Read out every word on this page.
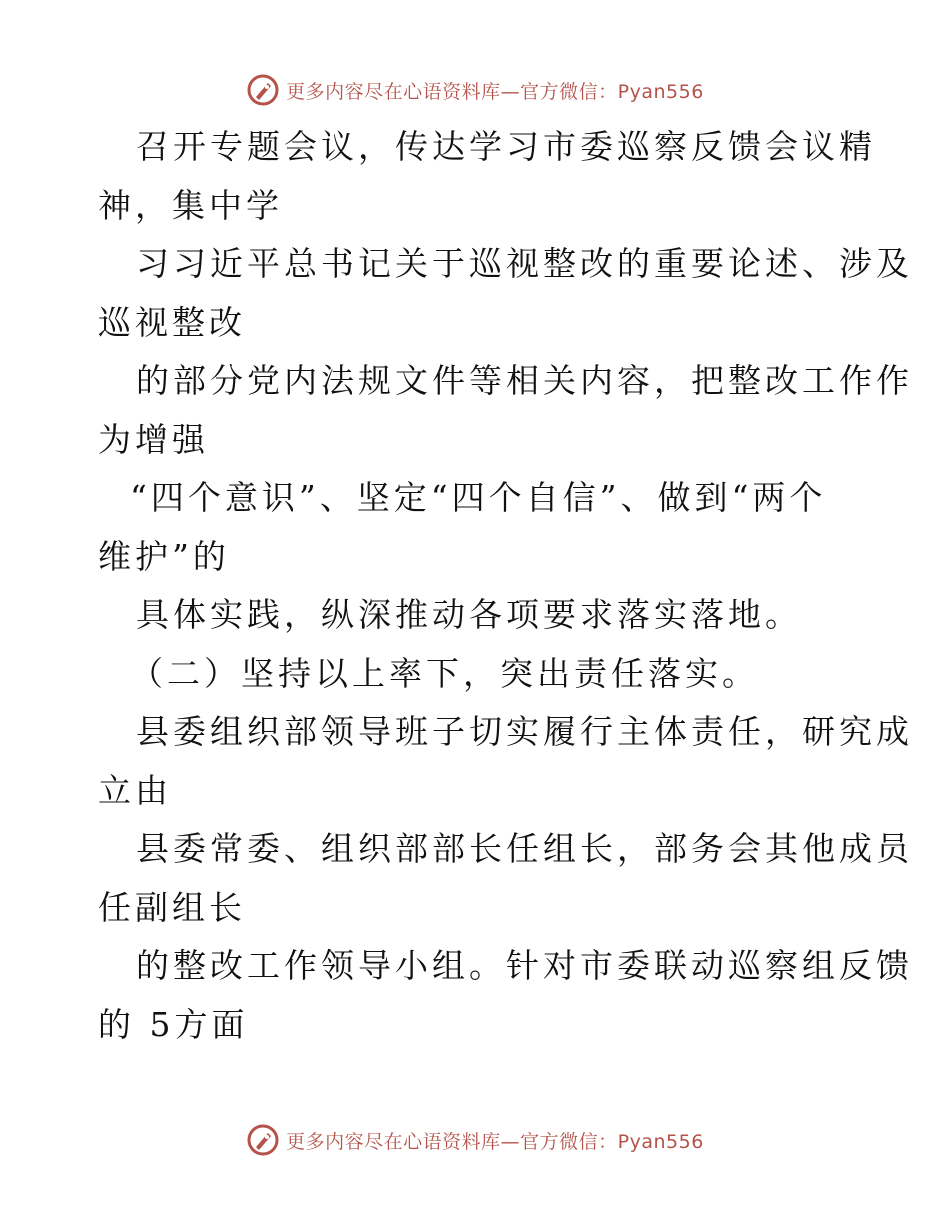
更多内容尽在心语资料库—官方微信：Pyan556
召开专题会议，传达学习市委巡察反馈会议精
神，集中学
习习近平总书记关于巡视整改的重要论述、涉及
巡视整改
的部分党内法规文件等相关内容，把整改工作作
为增强
“四个意识”、坚定“四个自信”、做到“两个
维护”的
具体实践，纵深推动各项要求落实落地。
（二）坚持以上率下，突出责任落实。
县委组织部领导班子切实履行主体责任，研究成
立由
县委常委、组织部部长任组长，部务会其他成员
任副组长
的整改工作领导小组。针对市委联动巡察组反馈
的 5方面
更多内容尽在心语资料库—官方微信：Pyan556
